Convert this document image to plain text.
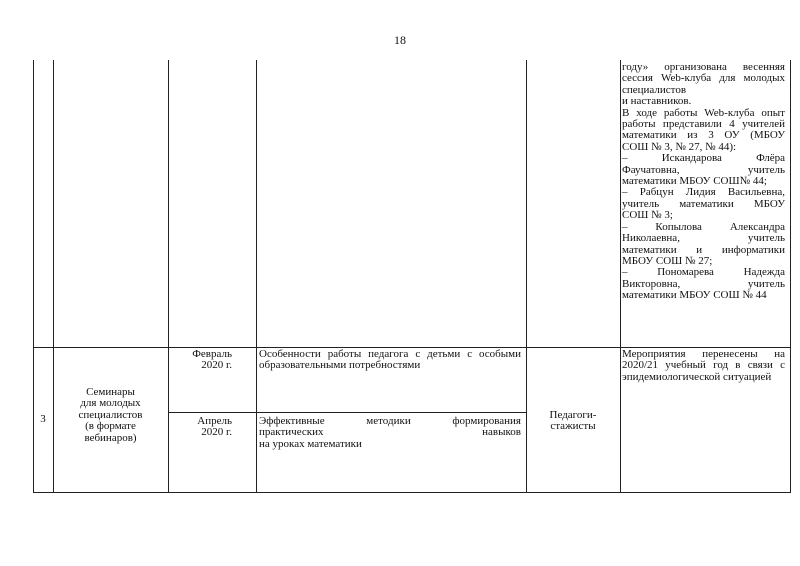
18
году» организована весенняя
сессия Web-клуба для молодых
специалистов
и наставников.
В ходе работы Web-клуба опыт
работы представили 4 учителей
математики из 3 ОУ (МБОУ
СОШ № 3, № 27, № 44):
– Искандарова Флёра
Фаучатовна, учитель
математики МБОУ СОШ№ 44;
– Рабцун Лидия Васильевна,
учитель математики МБОУ
СОШ № 3;
– Копылова Александра
Николаевна, учитель
математики и информатики
МБОУ СОШ № 27;
– Пономарева Надежда
Викторовна, учитель
математики МБОУ СОШ № 44
3
Семинары
для молодых
специалистов
(в формате
вебинаров)
Февраль
2020 г.
Апрель
2020 г.
Особенности работы педагога с детьми с особыми
образовательными потребностями
Эффективные методики формирования
практических навыков
на уроках математики
Педагоги-
стажисты
Мероприятия перенесены на
2020/21 учебный год в связи с
эпидемиологической ситуацией
